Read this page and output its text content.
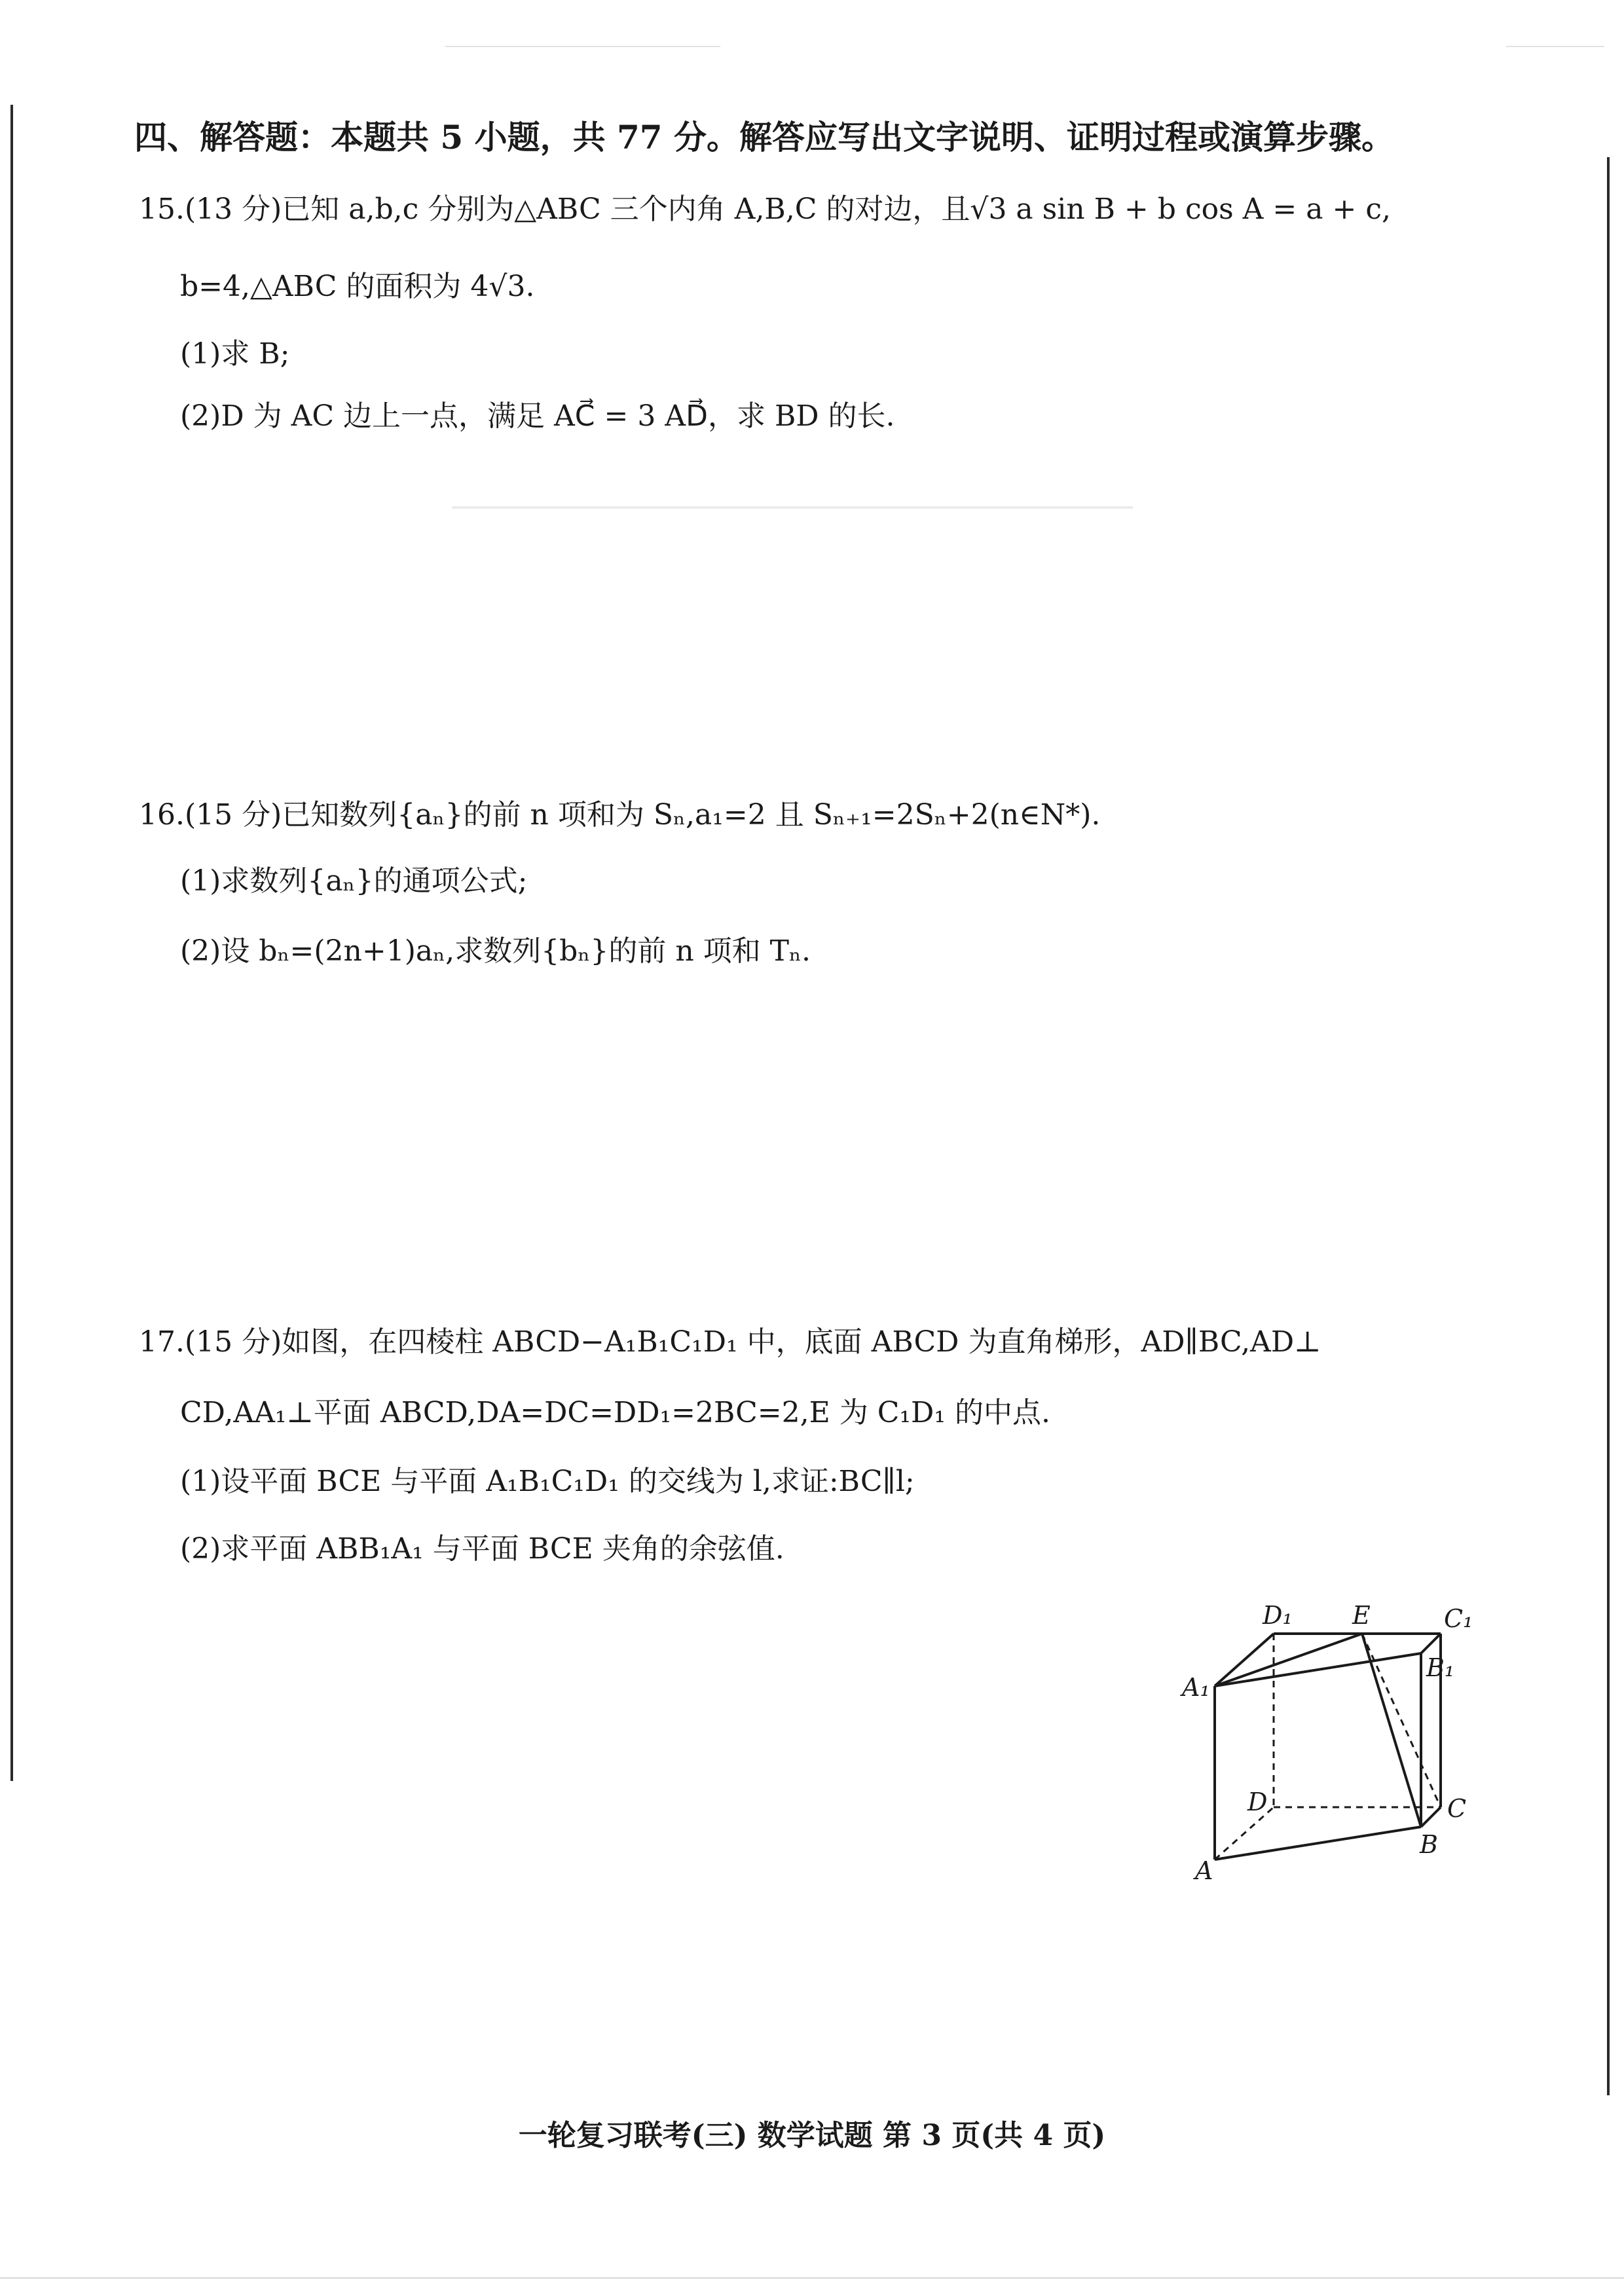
四、解答题：本题共 5 小题，共 77 分。解答应写出文字说明、证明过程或演算步骤。
15.(13 分)已知 a,b,c 分别为△ABC 三个内角 A,B,C 的对边，且√3 a sin B + b cos A = a + c,
b=4,△ABC 的面积为 4√3.
(1)求 B;
(2)D 为 AC 边上一点，满足 AC⃗ = 3 AD⃗，求 BD 的长.
16.(15 分)已知数列{aₙ}的前 n 项和为 Sₙ,a₁=2 且 Sₙ₊₁=2Sₙ+2(n∈N*).
(1)求数列{aₙ}的通项公式;
(2)设 bₙ=(2n+1)aₙ,求数列{bₙ}的前 n 项和 Tₙ.
17.(15 分)如图，在四棱柱 ABCD−A₁B₁C₁D₁ 中，底面 ABCD 为直角梯形，AD∥BC,AD⊥
CD,AA₁⊥平面 ABCD,DA=DC=DD₁=2BC=2,E 为 C₁D₁ 的中点.
(1)设平面 BCE 与平面 A₁B₁C₁D₁ 的交线为 l,求证:BC∥l;
(2)求平面 ABB₁A₁ 与平面 BCE 夹角的余弦值.
D₁ E	C₁
A₁
B₁
D	C
A
B
一轮复习联考(三) 数学试题 第 3 页(共 4 页)
